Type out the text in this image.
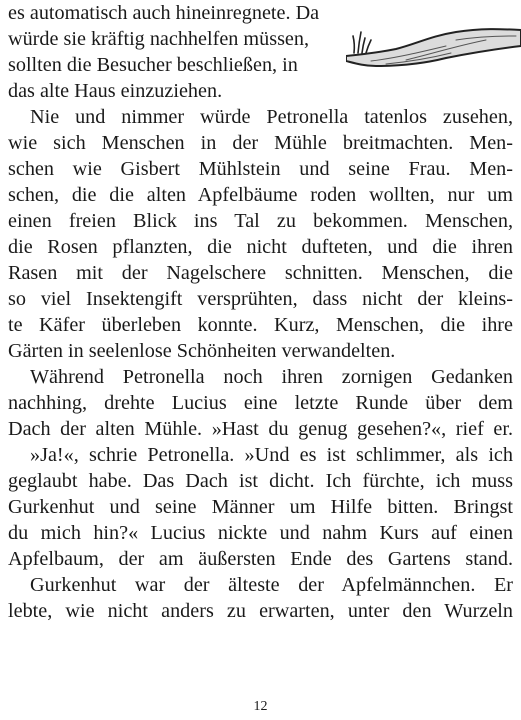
es automatisch auch hineinregnete. Da
würde sie kräftig nachhelfen müssen,
sollten die Besucher beschließen, in
das alte Haus einzuziehen.
Nie und nimmer würde Petronella tatenlos zusehen,
wie sich Menschen in der Mühle breitmachten. Men-
schen wie Gisbert Mühlstein und seine Frau. Men-
schen, die die alten Apfelbäume roden wollten, nur um
einen freien Blick ins Tal zu bekommen. Menschen,
die Rosen pflanzten, die nicht dufteten, und die ihren
Rasen mit der Nagelschere schnitten. Menschen, die
so viel Insektengift versprühten, dass nicht der kleins-
te Käfer überleben konnte. Kurz, Menschen, die ihre
Gärten in seelenlose Schönheiten verwandelten.
Während Petronella noch ihren zornigen Gedanken
nachhing, drehte Lucius eine letzte Runde über dem
Dach der alten Mühle. »Hast du genug gesehen?«, rief er.
»Ja!«, schrie Petronella. »Und es ist schlimmer, als ich
geglaubt habe. Das Dach ist dicht. Ich fürchte, ich muss
Gurkenhut und seine Männer um Hilfe bitten. Bringst
du mich hin?« Lucius nickte und nahm Kurs auf einen
Apfelbaum, der am äußersten Ende des Gartens stand.
Gurkenhut war der älteste der Apfelmännchen. Er
lebte, wie nicht anders zu erwarten, unter den Wurzeln
12
